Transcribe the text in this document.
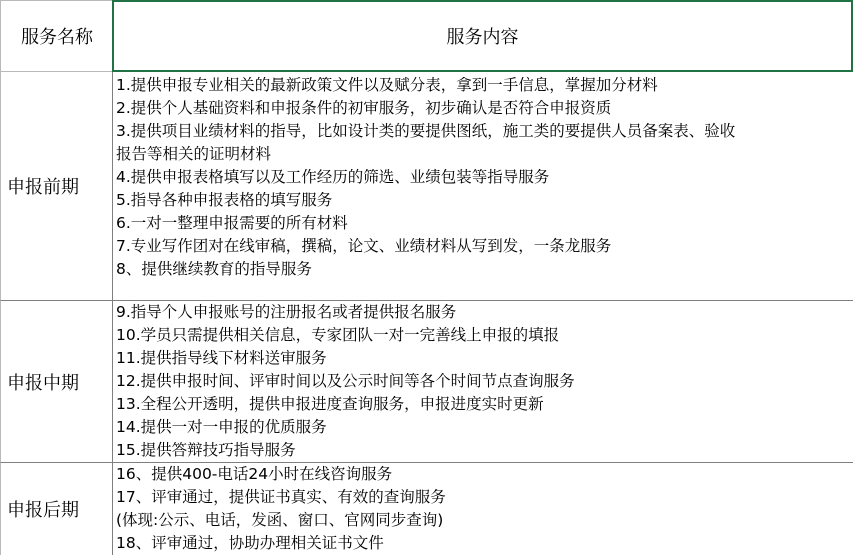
服务名称	服务内容
申报前期
1.提供申报专业相关的最新政策文件以及赋分表，拿到一手信息，掌握加分材料
2.提供个人基础资料和申报条件的初审服务，初步确认是否符合申报资质
3.提供项目业绩材料的指导，比如设计类的要提供图纸，施工类的要提供人员备案表、验收
报告等相关的证明材料
4.提供申报表格填写以及工作经历的筛选、业绩包装等指导服务
5.指导各种申报表格的填写服务
6.一对一整理申报需要的所有材料
7.专业写作团对在线审稿，撰稿，论文、业绩材料从写到发，一条龙服务
8、提供继续教育的指导服务
申报中期
9.指导个人申报账号的注册报名或者提供报名服务
10.学员只需提供相关信息，专家团队一对一完善线上申报的填报
11.提供指导线下材料送审服务
12.提供申报时间、评审时间以及公示时间等各个时间节点查询服务
13.全程公开透明，提供申报进度查询服务，申报进度实时更新
14.提供一对一申报的优质服务
15.提供答辩技巧指导服务
申报后期
16、提供400-电话24小时在线咨询服务
17、评审通过，提供证书真实、有效的查询服务
(体现:公示、电话，发函、窗口、官网同步查询)
18、评审通过，协助办理相关证书文件
